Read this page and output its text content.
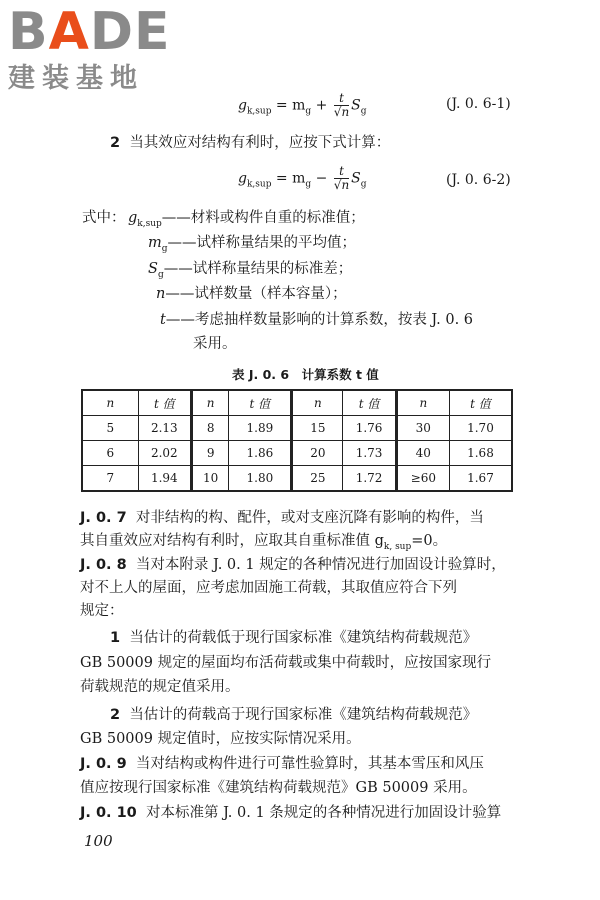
BADE
建装基地
$g_{k,sup} = m_g + \frac{t}{√n} S_g$	(J. 0. 6-1)
2 当其效应对结构有利时，应按下式计算：
$g_{k,sup} = m_g - \frac{t}{√n} S_g$	(J. 0. 6-2)
式中： $g_{k,sup}——$材料或构件自重的标准值；
$m_g——$试样称量结果的平均值；
$S_g——$试样称量结果的标准差；
n——试样数量（样本容量）；
t——考虑抽样数量影响的计算系数，按表 J. 0. 6
采用。
表 J. 0. 6　计算系数 t 值
n	t 值	n	t 值	n	t 值	n	t 值
5	2.13	8	1.89	15	1.76	30	1.70
6	2.02	9	1.86	20	1.73	40	1.68
7	1.94	10	1.80	25	1.72	≥60	1.67
J. 0. 7 对非结构的构、配件，或对支座沉降有影响的构件，当
其自重效应对结构有利时，应取其自重标准值 $g_{k, sup}=0$。
J. 0. 8 当对本附录 J. 0. 1 规定的各种情况进行加固设计验算时，
对不上人的屋面，应考虑加固施工荷载，其取值应符合下列
规定：
1 当估计的荷载低于现行国家标准《建筑结构荷载规范》
GB 50009 规定的屋面均布活荷载或集中荷载时，应按国家现行
荷载规范的规定值采用。
2 当估计的荷载高于现行国家标准《建筑结构荷载规范》
GB 50009 规定值时，应按实际情况采用。
J. 0. 9 当对结构或构件进行可靠性验算时，其基本雪压和风压
值应按现行国家标准《建筑结构荷载规范》GB 50009 采用。
J. 0. 10 对本标准第 J. 0. 1 条规定的各种情况进行加固设计验算
100
